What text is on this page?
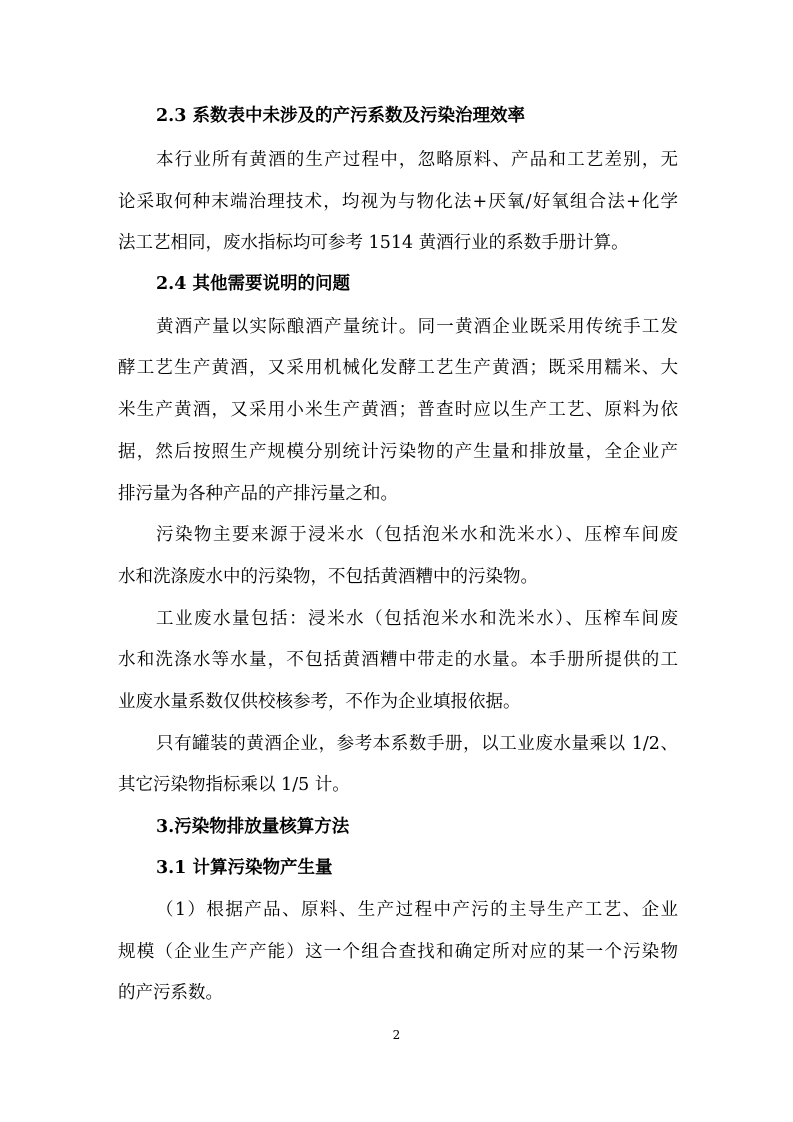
2.3 系数表中未涉及的产污系数及污染治理效率
本行业所有黄酒的生产过程中，忽略原料、产品和工艺差别，无
论采取何种末端治理技术，均视为与物化法+厌氧/好氧组合法+化学
法工艺相同，废水指标均可参考 1514 黄酒行业的系数手册计算。
2.4 其他需要说明的问题
黄酒产量以实际酿酒产量统计。同一黄酒企业既采用传统手工发
酵工艺生产黄酒，又采用机械化发酵工艺生产黄酒；既采用糯米、大
米生产黄酒，又采用小米生产黄酒；普查时应以生产工艺、原料为依
据，然后按照生产规模分别统计污染物的产生量和排放量，全企业产
排污量为各种产品的产排污量之和。
污染物主要来源于浸米水（包括泡米水和洗米水）、压榨车间废
水和洗涤废水中的污染物，不包括黄酒糟中的污染物。
工业废水量包括：浸米水（包括泡米水和洗米水）、压榨车间废
水和洗涤水等水量，不包括黄酒糟中带走的水量。本手册所提供的工
业废水量系数仅供校核参考，不作为企业填报依据。
只有罐装的黄酒企业，参考本系数手册，以工业废水量乘以 1/2、
其它污染物指标乘以 1/5 计。
3.污染物排放量核算方法
3.1 计算污染物产生量
（1）根据产品、原料、生产过程中产污的主导生产工艺、企业
规模（企业生产产能）这一个组合查找和确定所对应的某一个污染物
的产污系数。
2
